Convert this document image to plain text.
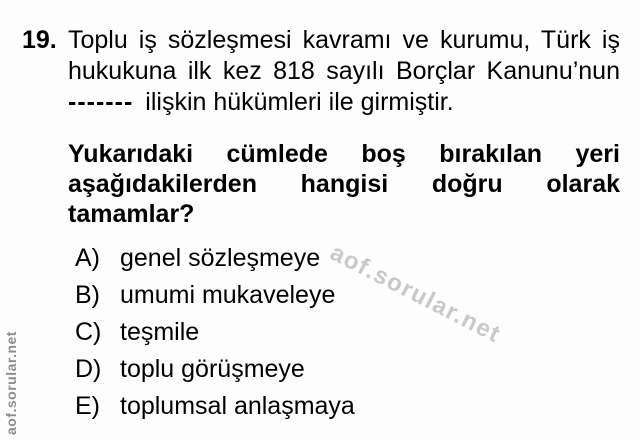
19. Toplu iş sözleşmesi kavramı ve kurumu, Türk iş
hukukuna ilk kez 818 sayılı Borçlar Kanunu’nun
------- ilişkin hükümleri ile girmiştir.
Yukarıdaki cümlede boş bırakılan yeri
aşağıdakilerden hangisi doğru olarak
tamamlar?
A) genel sözleşmeye
B) umumi mukaveleye
C) teşmile
D) toplu görüşmeye
E) toplumsal anlaşmaya
aof.sorular.net
aof.sorular.net
